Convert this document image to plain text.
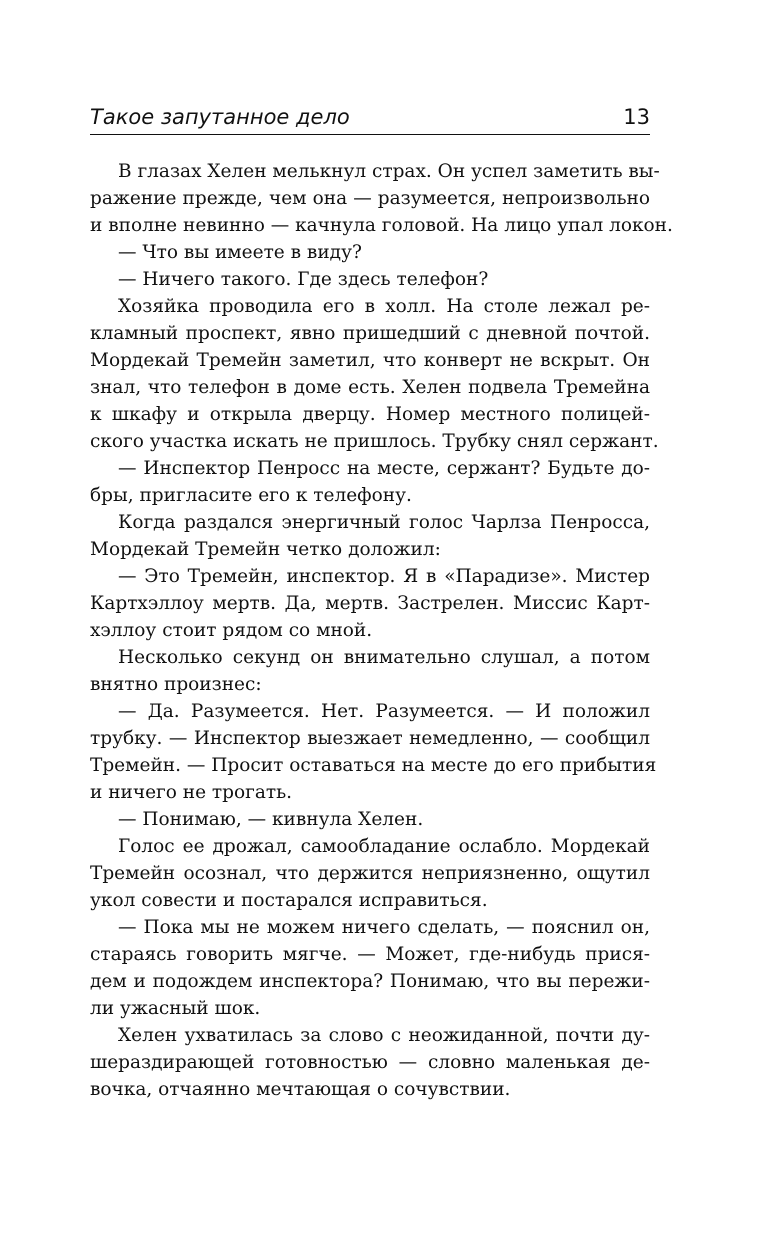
Такое запутанное дело	13
В глазах Хелен мелькнул страх. Он успел заметить вы-
ражение прежде, чем она — разумеется, непроизвольно
и вполне невинно — качнула головой. На лицо упал локон.
— Что вы имеете в виду?
— Ничего такого. Где здесь телефон?
Хозяйка проводила его в холл. На столе лежал ре-
кламный проспект, явно пришедший с дневной почтой.
Мордекай Тремейн заметил, что конверт не вскрыт. Он
знал, что телефон в доме есть. Хелен подвела Тремейна
к шкафу и открыла дверцу. Номер местного полицей-
ского участка искать не пришлось. Трубку снял сержант.
— Инспектор Пенросс на месте, сержант? Будьте до-
бры, пригласите его к телефону.
Когда раздался энергичный голос Чарлза Пенросса,
Мордекай Тремейн четко доложил:
— Это Тремейн, инспектор. Я в «Парадизе». Мистер
Картхэллоу мертв. Да, мертв. Застрелен. Миссис Карт-
хэллоу стоит рядом со мной.
Несколько секунд он внимательно слушал, а потом
внятно произнес:
— Да. Разумеется. Нет. Разумеется. — И положил
трубку. — Инспектор выезжает немедленно, — сообщил
Тремейн. — Просит оставаться на месте до его прибытия
и ничего не трогать.
— Понимаю, — кивнула Хелен.
Голос ее дрожал, самообладание ослабло. Мордекай
Тремейн осознал, что держится неприязненно, ощутил
укол совести и постарался исправиться.
— Пока мы не можем ничего сделать, — пояснил он,
стараясь говорить мягче. — Может, где-нибудь прися-
дем и подождем инспектора? Понимаю, что вы пережи-
ли ужасный шок.
Хелен ухватилась за слово с неожиданной, почти ду-
шераздирающей готовностью — словно маленькая де-
вочка, отчаянно мечтающая о сочувствии.
